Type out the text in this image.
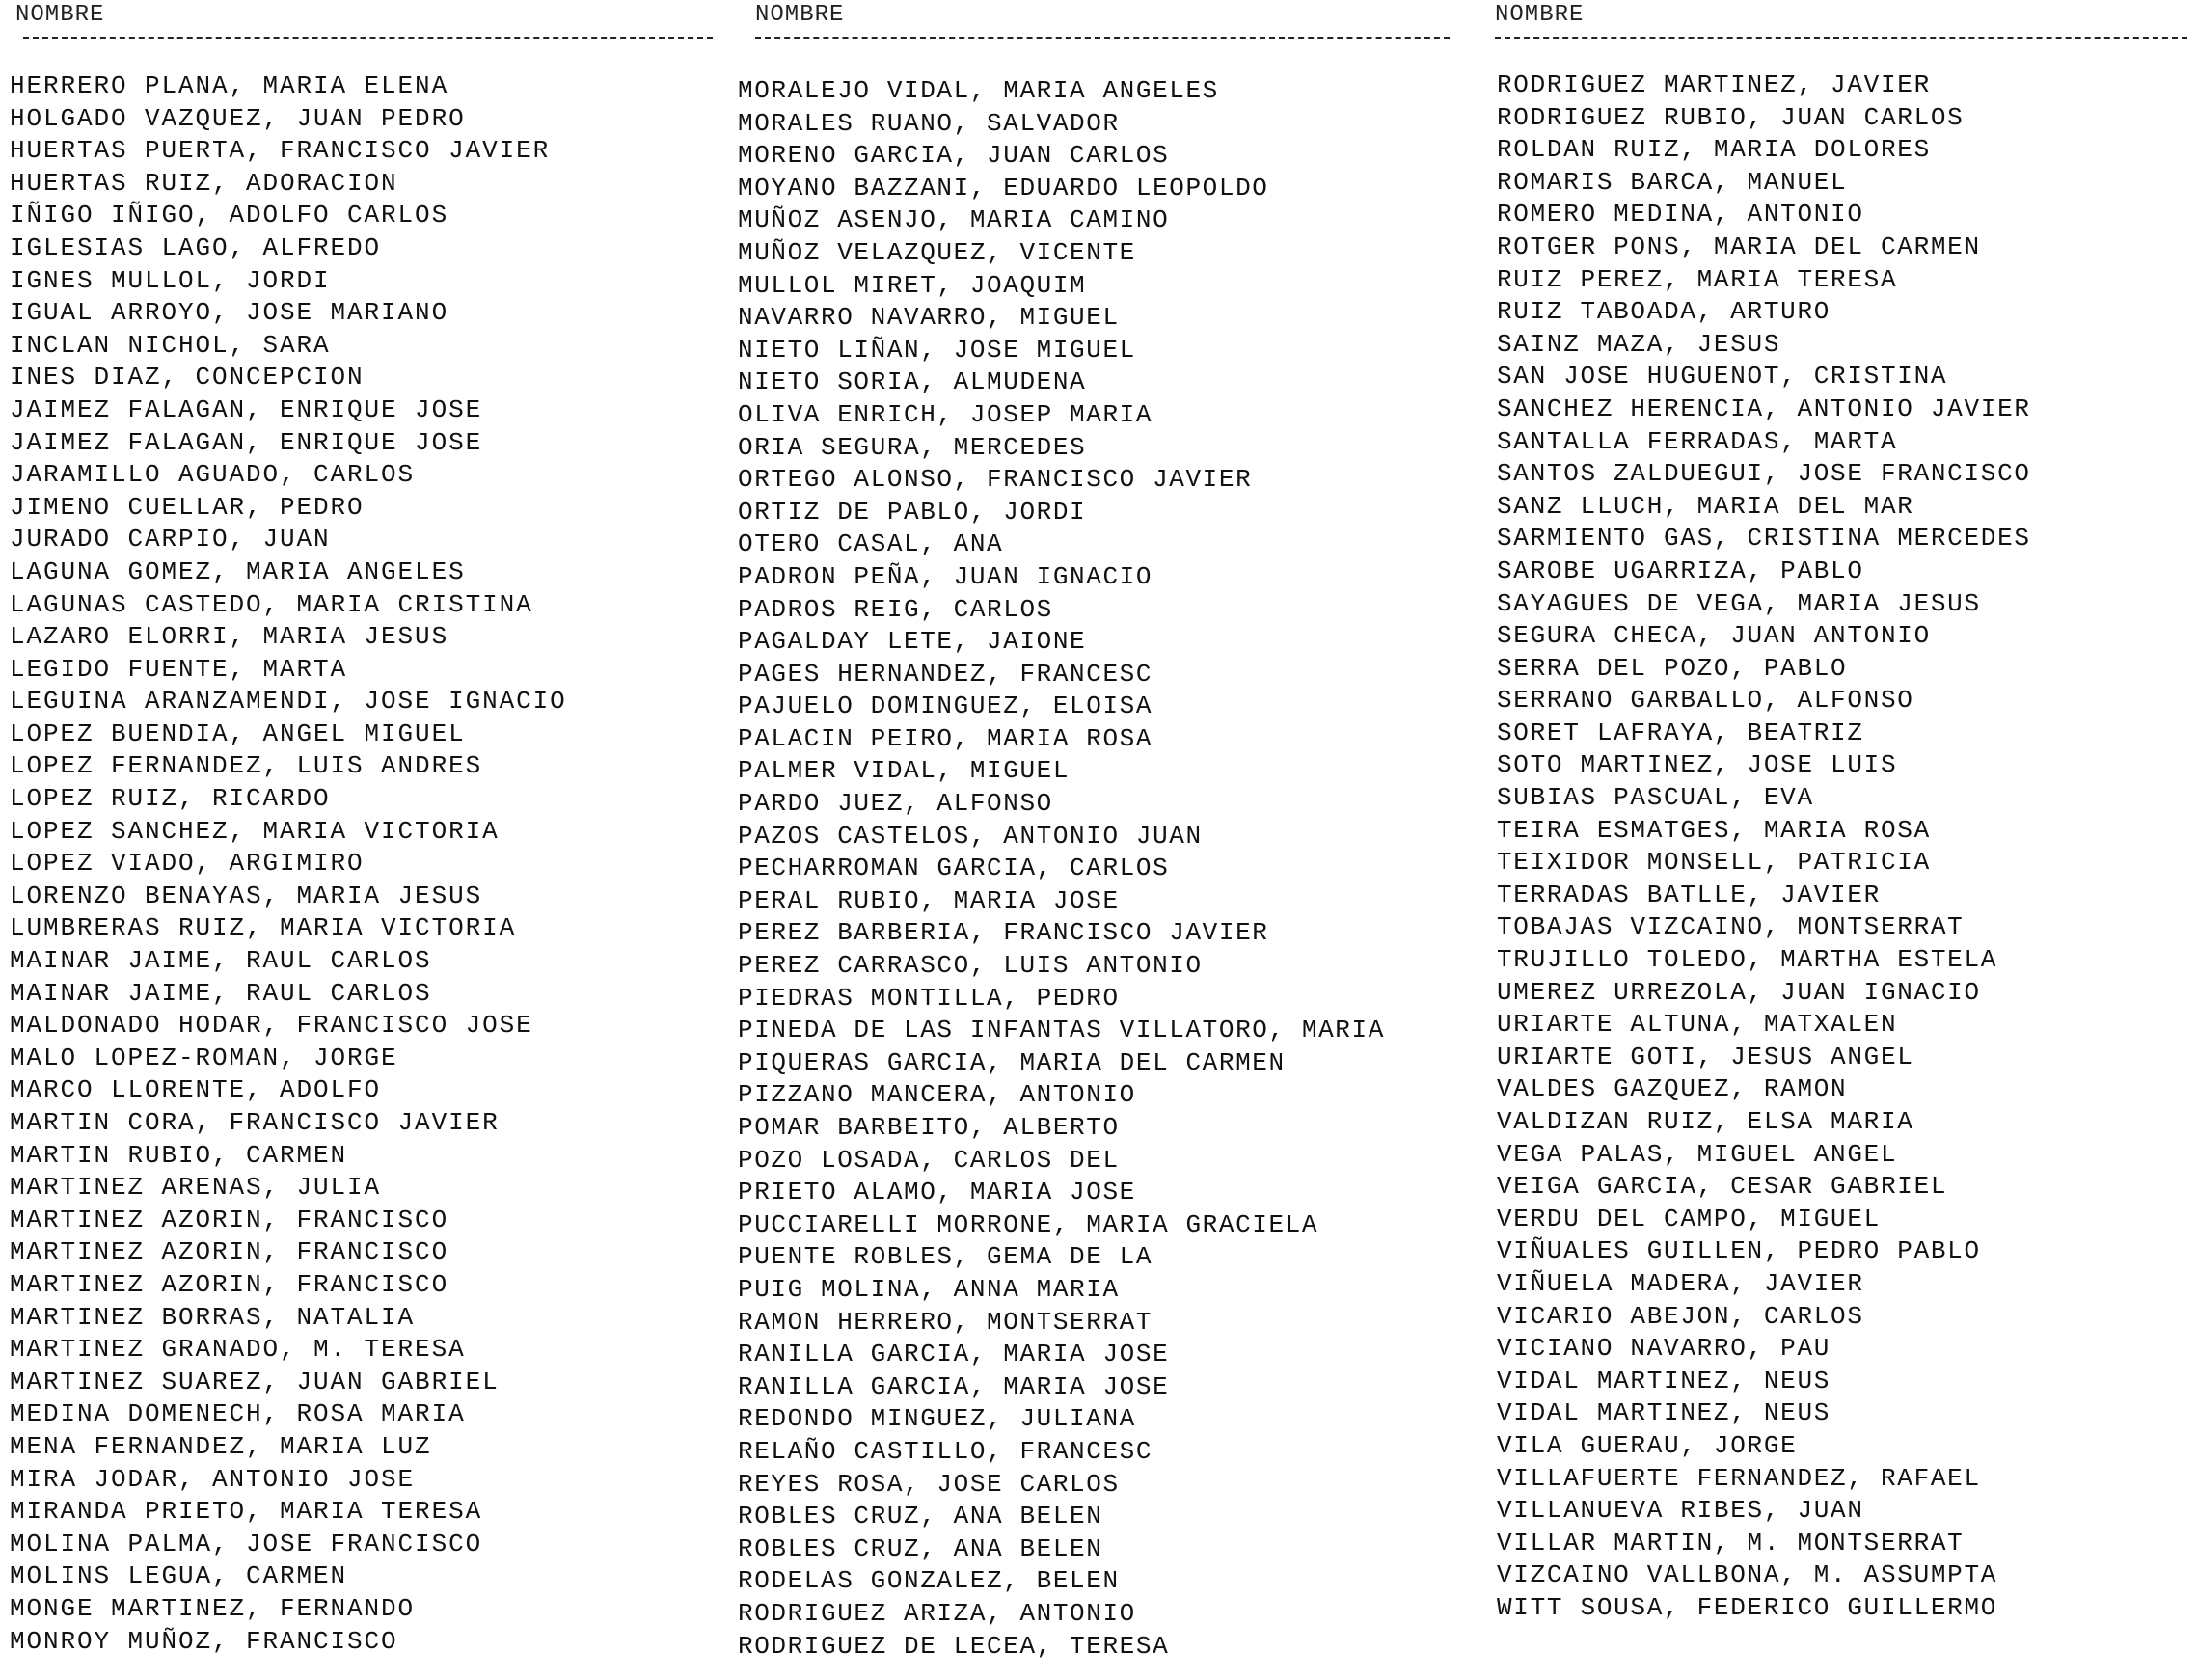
NOMBRE
HERRERO PLANA, MARIA ELENA
HOLGADO VAZQUEZ, JUAN PEDRO
HUERTAS PUERTA, FRANCISCO JAVIER
HUERTAS RUIZ, ADORACION
IÑIGO IÑIGO, ADOLFO CARLOS
IGLESIAS LAGO, ALFREDO
IGNES MULLOL, JORDI
IGUAL ARROYO, JOSE MARIANO
INCLAN NICHOL, SARA
INES DIAZ, CONCEPCION
JAIMEZ FALAGAN, ENRIQUE JOSE
JAIMEZ FALAGAN, ENRIQUE JOSE
JARAMILLO AGUADO, CARLOS
JIMENO CUELLAR, PEDRO
JURADO CARPIO, JUAN
LAGUNA GOMEZ, MARIA ANGELES
LAGUNAS CASTEDO, MARIA CRISTINA
LAZARO ELORRI, MARIA JESUS
LEGIDO FUENTE, MARTA
LEGUINA ARANZAMENDI, JOSE IGNACIO
LOPEZ BUENDIA, ANGEL MIGUEL
LOPEZ FERNANDEZ, LUIS ANDRES
LOPEZ RUIZ, RICARDO
LOPEZ SANCHEZ, MARIA VICTORIA
LOPEZ VIADO, ARGIMIRO
LORENZO BENAYAS, MARIA JESUS
LUMBRERAS RUIZ, MARIA VICTORIA
MAINAR JAIME, RAUL CARLOS
MAINAR JAIME, RAUL CARLOS
MALDONADO HODAR, FRANCISCO JOSE
MALO LOPEZ-ROMAN, JORGE
MARCO LLORENTE, ADOLFO
MARTIN CORA, FRANCISCO JAVIER
MARTIN RUBIO, CARMEN
MARTINEZ ARENAS, JULIA
MARTINEZ AZORIN, FRANCISCO
MARTINEZ AZORIN, FRANCISCO
MARTINEZ AZORIN, FRANCISCO
MARTINEZ BORRAS, NATALIA
MARTINEZ GRANADO, M. TERESA
MARTINEZ SUAREZ, JUAN GABRIEL
MEDINA DOMENECH, ROSA MARIA
MENA FERNANDEZ, MARIA LUZ
MIRA JODAR, ANTONIO JOSE
MIRANDA PRIETO, MARIA TERESA
MOLINA PALMA, JOSE FRANCISCO
MOLINS LEGUA, CARMEN
MONGE MARTINEZ, FERNANDO
MONROY MUÑOZ, FRANCISCO
NOMBRE
MORALEJO VIDAL, MARIA ANGELES
MORALES RUANO, SALVADOR
MORENO GARCIA, JUAN CARLOS
MOYANO BAZZANI, EDUARDO LEOPOLDO
MUÑOZ ASENJO, MARIA CAMINO
MUÑOZ VELAZQUEZ, VICENTE
MULLOL MIRET, JOAQUIM
NAVARRO NAVARRO, MIGUEL
NIETO LIÑAN, JOSE MIGUEL
NIETO SORIA, ALMUDENA
OLIVA ENRICH, JOSEP MARIA
ORIA SEGURA, MERCEDES
ORTEGO ALONSO, FRANCISCO JAVIER
ORTIZ DE PABLO, JORDI
OTERO CASAL, ANA
PADRON PEÑA, JUAN IGNACIO
PADROS REIG, CARLOS
PAGALDAY LETE, JAIONE
PAGES HERNANDEZ, FRANCESC
PAJUELO DOMINGUEZ, ELOISA
PALACIN PEIRO, MARIA ROSA
PALMER VIDAL, MIGUEL
PARDO JUEZ, ALFONSO
PAZOS CASTELOS, ANTONIO JUAN
PECHARROMAN GARCIA, CARLOS
PERAL RUBIO, MARIA JOSE
PEREZ BARBERIA, FRANCISCO JAVIER
PEREZ CARRASCO, LUIS ANTONIO
PIEDRAS MONTILLA, PEDRO
PINEDA DE LAS INFANTAS VILLATORO, MARIA
PIQUERAS GARCIA, MARIA DEL CARMEN
PIZZANO MANCERA, ANTONIO
POMAR BARBEITO, ALBERTO
POZO LOSADA, CARLOS DEL
PRIETO ALAMO, MARIA JOSE
PUCCIARELLI MORRONE, MARIA GRACIELA
PUENTE ROBLES, GEMA DE LA
PUIG MOLINA, ANNA MARIA
RAMON HERRERO, MONTSERRAT
RANILLA GARCIA, MARIA JOSE
RANILLA GARCIA, MARIA JOSE
REDONDO MINGUEZ, JULIANA
RELAÑO CASTILLO, FRANCESC
REYES ROSA, JOSE CARLOS
ROBLES CRUZ, ANA BELEN
ROBLES CRUZ, ANA BELEN
RODELAS GONZALEZ, BELEN
RODRIGUEZ ARIZA, ANTONIO
RODRIGUEZ DE LECEA, TERESA
NOMBRE
RODRIGUEZ MARTINEZ, JAVIER
RODRIGUEZ RUBIO, JUAN CARLOS
ROLDAN RUIZ, MARIA DOLORES
ROMARIS BARCA, MANUEL
ROMERO MEDINA, ANTONIO
ROTGER PONS, MARIA DEL CARMEN
RUIZ PEREZ, MARIA TERESA
RUIZ TABOADA, ARTURO
SAINZ MAZA, JESUS
SAN JOSE HUGUENOT, CRISTINA
SANCHEZ HERENCIA, ANTONIO JAVIER
SANTALLA FERRADAS, MARTA
SANTOS ZALDUEGUI, JOSE FRANCISCO
SANZ LLUCH, MARIA DEL MAR
SARMIENTO GAS, CRISTINA MERCEDES
SAROBE UGARRIZA, PABLO
SAYAGUES DE VEGA, MARIA JESUS
SEGURA CHECA, JUAN ANTONIO
SERRA DEL POZO, PABLO
SERRANO GARBALLO, ALFONSO
SORET LAFRAYA, BEATRIZ
SOTO MARTINEZ, JOSE LUIS
SUBIAS PASCUAL, EVA
TEIRA ESMATGES, MARIA ROSA
TEIXIDOR MONSELL, PATRICIA
TERRADAS BATLLE, JAVIER
TOBAJAS VIZCAINO, MONTSERRAT
TRUJILLO TOLEDO, MARTHA ESTELA
UMEREZ URREZOLA, JUAN IGNACIO
URIARTE ALTUNA, MATXALEN
URIARTE GOTI, JESUS ANGEL
VALDES GAZQUEZ, RAMON
VALDIZAN RUIZ, ELSA MARIA
VEGA PALAS, MIGUEL ANGEL
VEIGA GARCIA, CESAR GABRIEL
VERDU DEL CAMPO, MIGUEL
VIÑUALES GUILLEN, PEDRO PABLO
VIÑUELA MADERA, JAVIER
VICARIO ABEJON, CARLOS
VICIANO NAVARRO, PAU
VIDAL MARTINEZ, NEUS
VIDAL MARTINEZ, NEUS
VILA GUERAU, JORGE
VILLAFUERTE FERNANDEZ, RAFAEL
VILLANUEVA RIBES, JUAN
VILLAR MARTIN, M. MONTSERRAT
VIZCAINO VALLBONA, M. ASSUMPTA
WITT SOUSA, FEDERICO GUILLERMO
